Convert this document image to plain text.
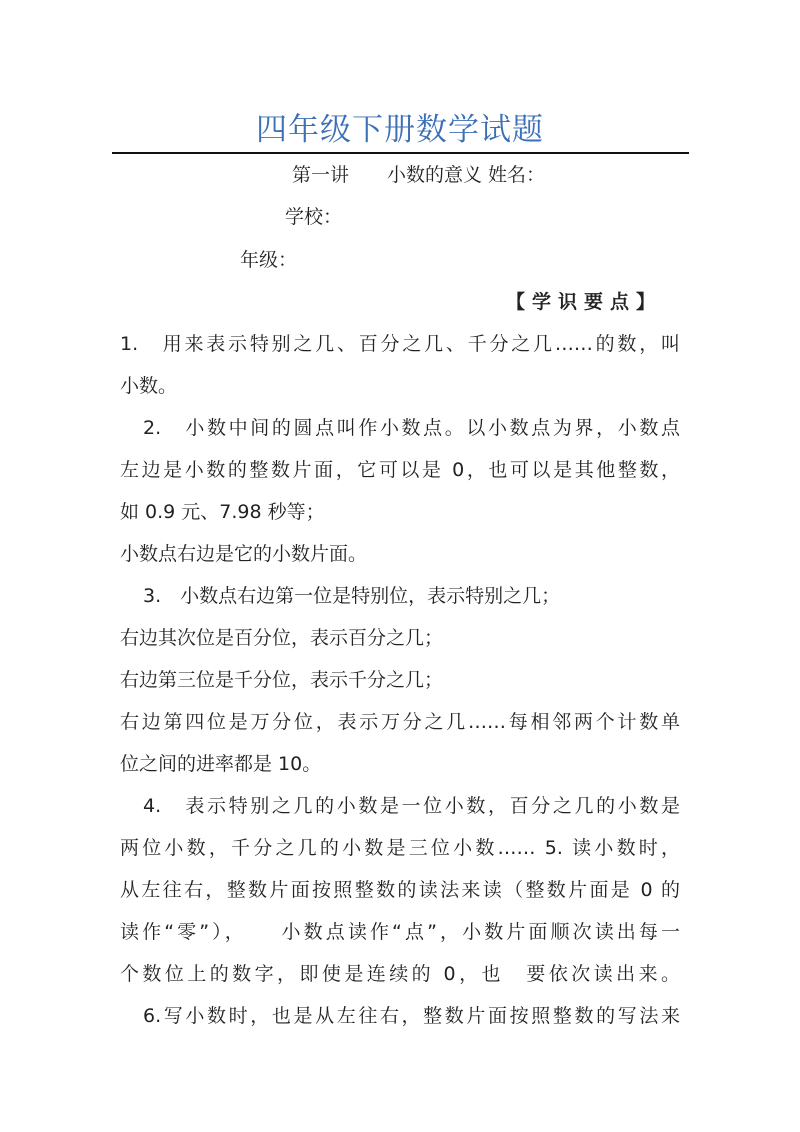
四年级下册数学试题
第一讲　　小数的意义 姓名：
学校：
年级：
【学识要点】
1.　用来表示特别之几、百分之几、千分之几……的数，叫
小数。
2.　小数中间的圆点叫作小数点。以小数点为界，小数点
左边是小数的整数片面，它可以是 0，也可以是其他整数，
如 0.9 元、7.98 秒等；
小数点右边是它的小数片面。
3.　小数点右边第一位是特别位，表示特别之几；
右边其次位是百分位，表示百分之几；
右边第三位是千分位，表示千分之几；
右边第四位是万分位，表示万分之几……每相邻两个计数单
位之间的进率都是 10。
4.　表示特别之几的小数是一位小数，百分之几的小数是
两位小数，千分之几的小数是三位小数…… 5. 读小数时，
从左往右，整数片面按照整数的读法来读（整数片面是 0 的
读作“零”），　　小数点读作“点”，小数片面顺次读出每一
个数位上的数字，即使是连续的 0，也　要依次读出来。
6.写小数时，也是从左往右，整数片面按照整数的写法来
